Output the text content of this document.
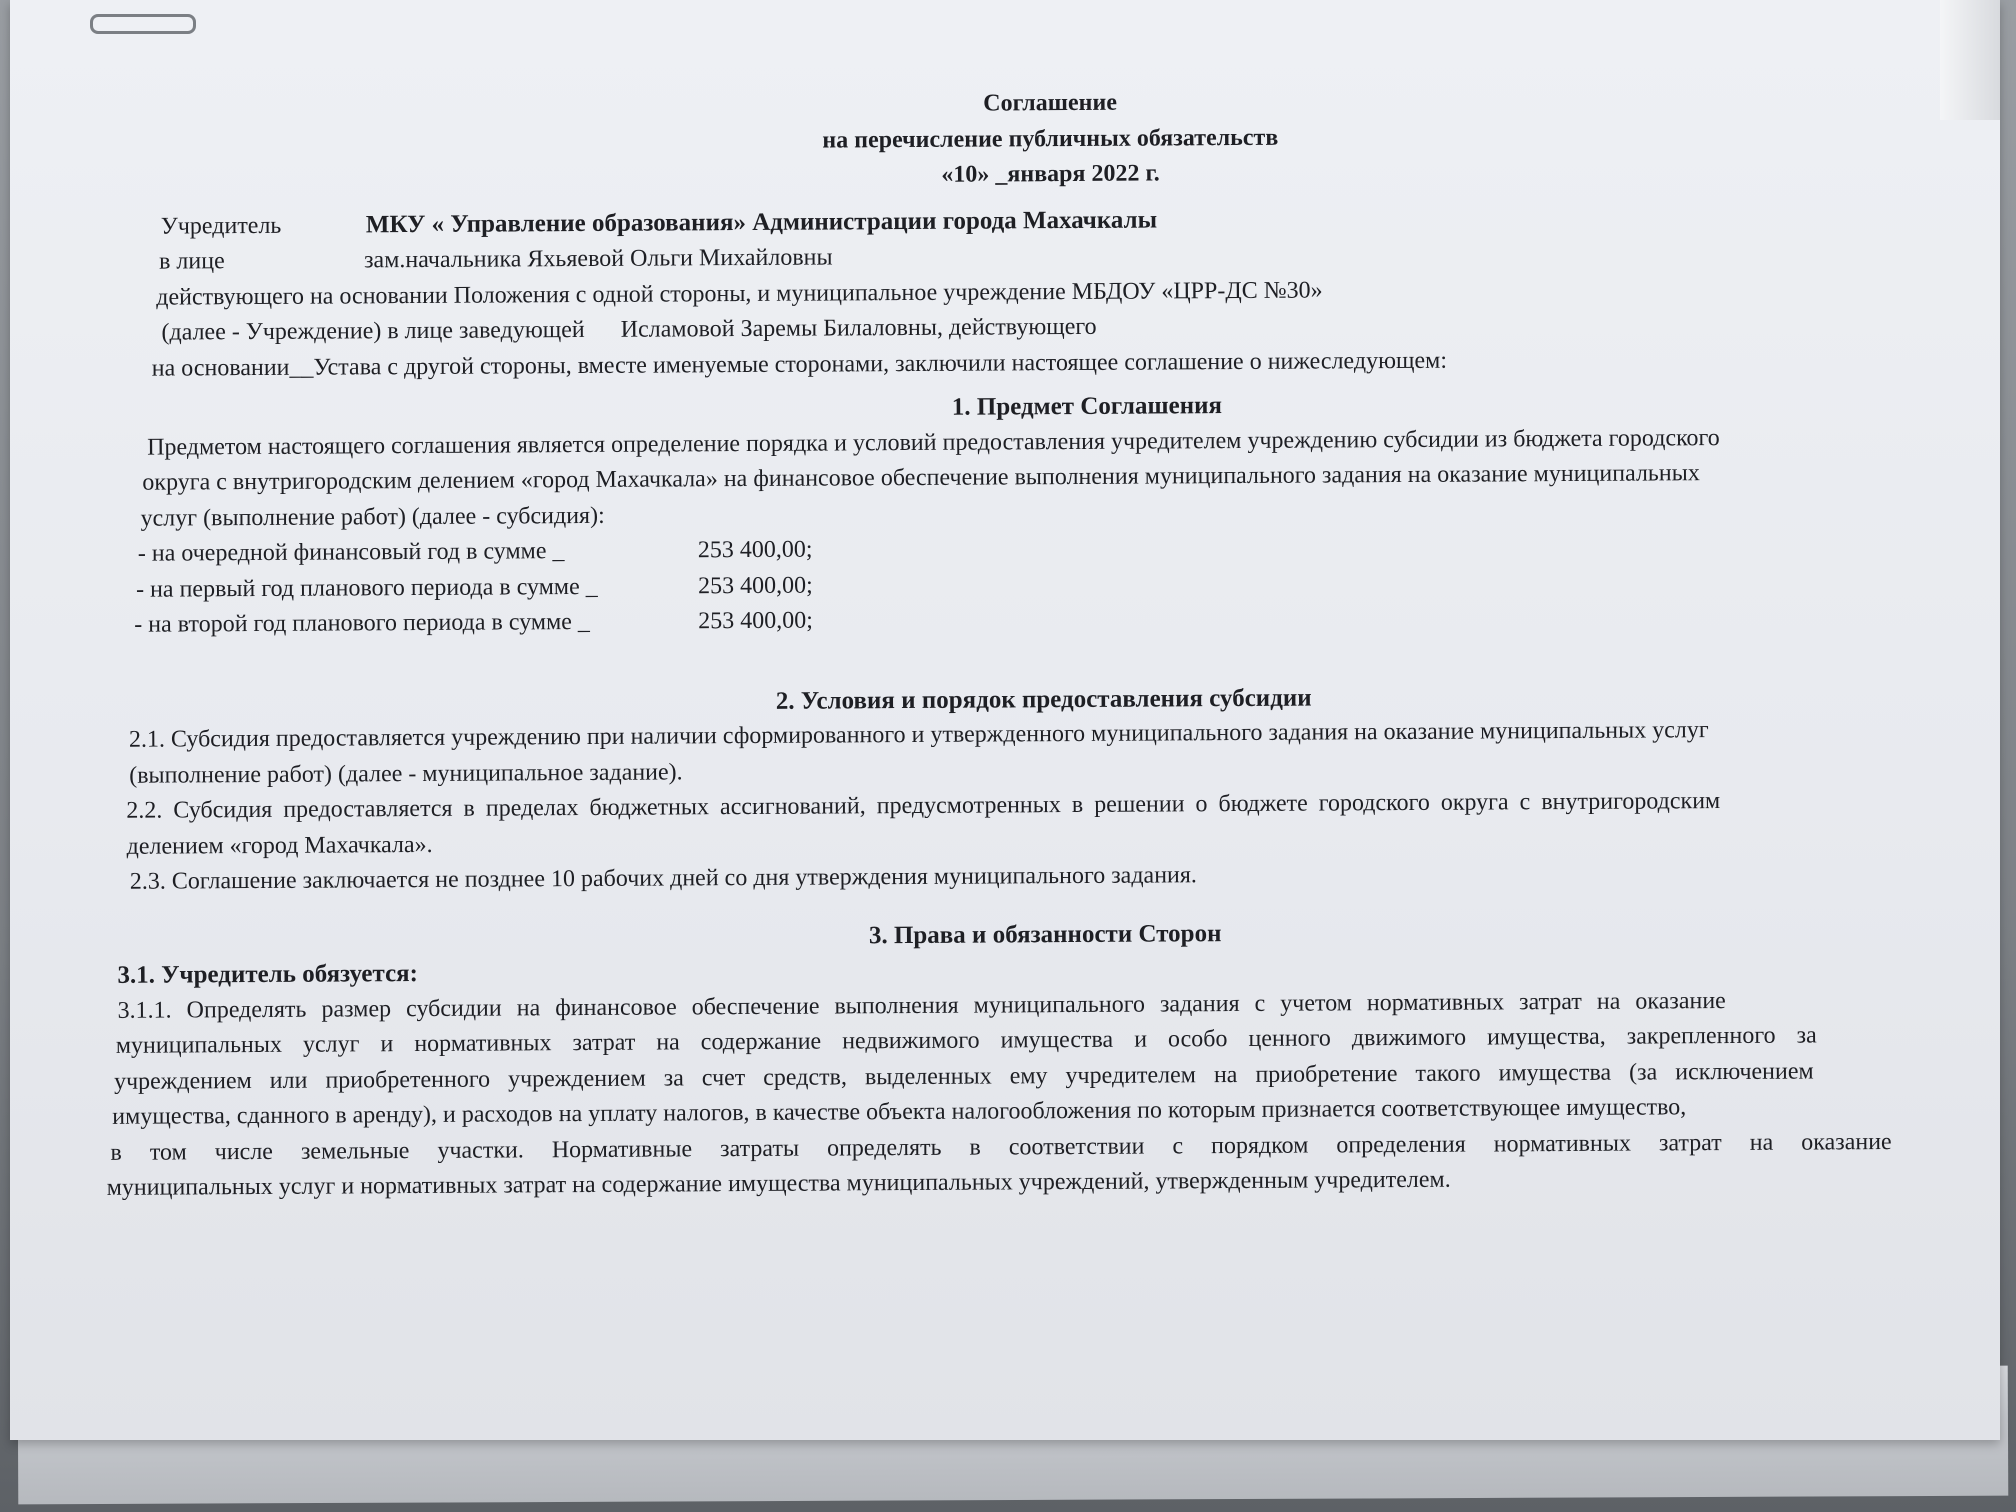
Соглашение
на перечисление публичных обязательств
«10» _января 2022 г.
Учредитель	МКУ « Управление образования» Администрации города Махачкалы
в лице	зам.начальника Яхьяевой Ольги Михайловны
действующего на основании Положения с одной стороны, и муниципальное учреждение МБДОУ «ЦРР-ДС №30»
(далее - Учреждение) в лице заведующей Исламовой Заремы Билаловны, действующего
на основании__Устава с другой стороны, вместе именуемые сторонами, заключили настоящее соглашение о нижеследующем:
1. Предмет Соглашения
Предметом настоящего соглашения является определение порядка и условий предоставления учредителем учреждению субсидии из бюджета городского
округа с внутригородским делением «город Махачкала» на финансовое обеспечение выполнения муниципального задания на оказание муниципальных
услуг (выполнение работ) (далее - субсидия):
- на очередной финансовый год в сумме _	253 400,00;
- на первый год планового периода в сумме _	253 400,00;
- на второй год планового периода в сумме _	253 400,00;
2. Условия и порядок предоставления субсидии
2.1. Субсидия предоставляется учреждению при наличии сформированного и утвержденного муниципального задания на оказание муниципальных услуг
(выполнение работ) (далее - муниципальное задание).
2.2. Субсидия предоставляется в пределах бюджетных ассигнований, предусмотренных в решении о бюджете городского округа с внутригородским
делением «город Махачкала».
2.3. Соглашение заключается не позднее 10 рабочих дней со дня утверждения муниципального задания.
3. Права и обязанности Сторон
3.1. Учредитель обязуется:
3.1.1. Определять размер субсидии на финансовое обеспечение выполнения муниципального задания с учетом нормативных затрат на оказание
муниципальных услуг и нормативных затрат на содержание недвижимого имущества и особо ценного движимого имущества, закрепленного за
учреждением или приобретенного учреждением за счет средств, выделенных ему учредителем на приобретение такого имущества (за исключением
имущества, сданного в аренду), и расходов на уплату налогов, в качестве объекта налогообложения по которым признается соответствующее имущество,
в том числе земельные участки. Нормативные затраты определять в соответствии с порядком определения нормативных затрат на оказание
муниципальных услуг и нормативных затрат на содержание имущества муниципальных учреждений, утвержденным учредителем.
